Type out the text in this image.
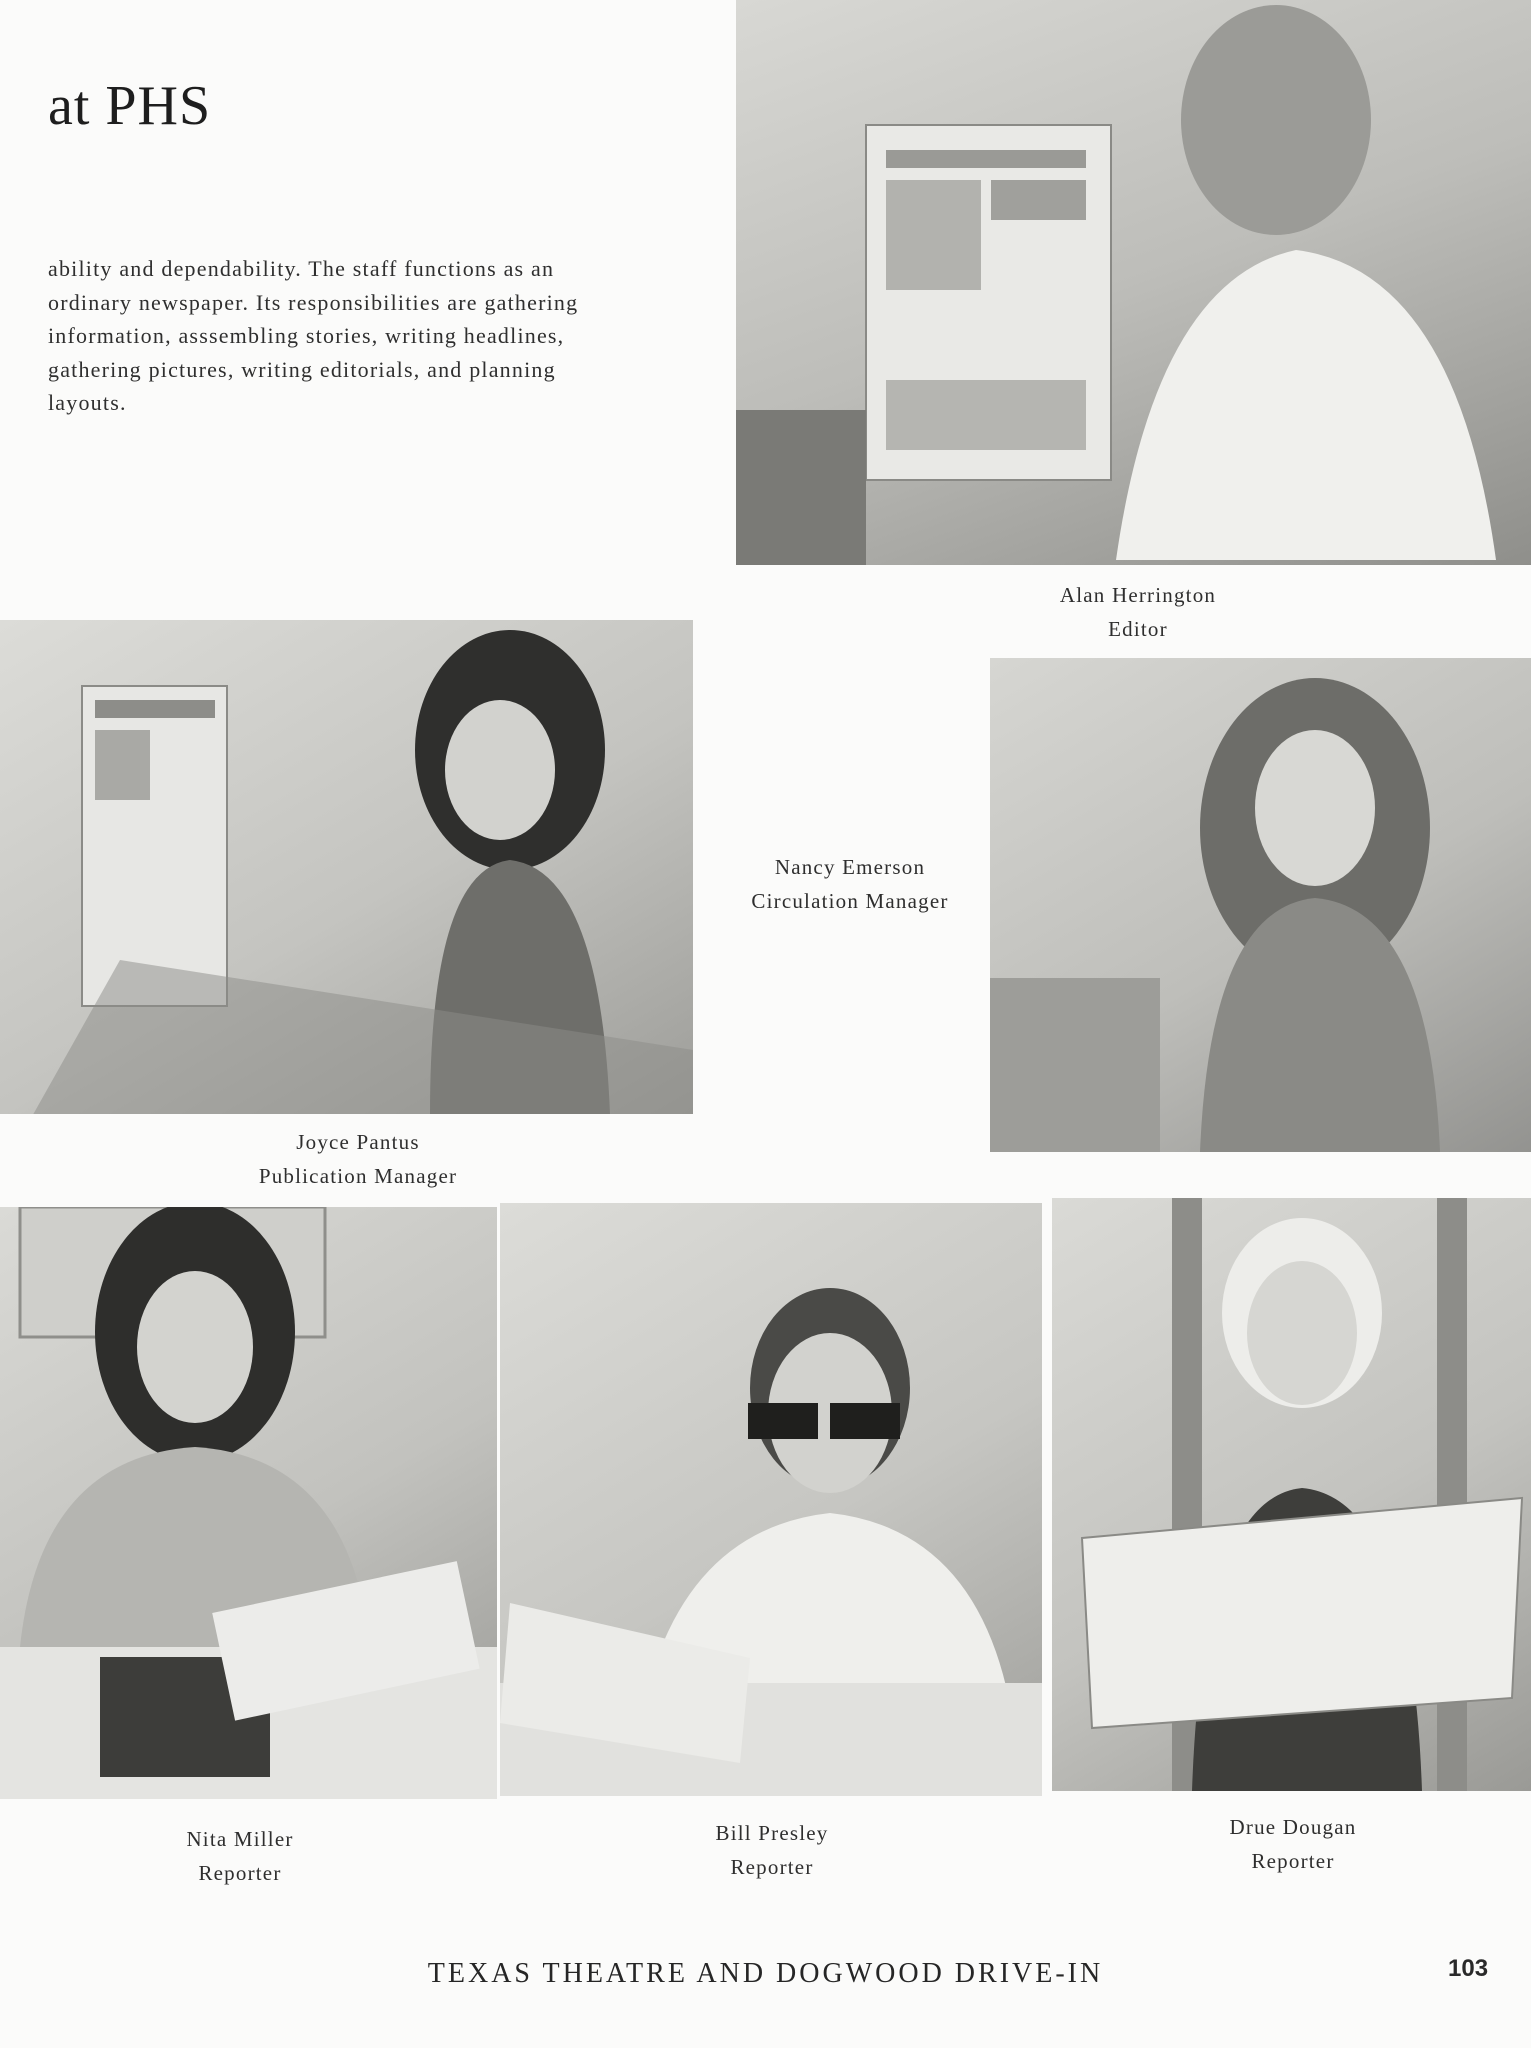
at PHS

ability and dependability. The staff functions as an ordinary newspaper. Its responsibilities are gathering information, asssembling stories, writing headlines, gathering pictures, writing editorials, and planning layouts.

Alan Herrington
Editor
Joyce Pantus
Publication Manager
Nancy Emerson
Circulation Manager
Nita Miller
Reporter
Bill Presley
Reporter
Drue Dougan
Reporter
TEXAS THEATRE AND DOGWOOD DRIVE-IN	103
